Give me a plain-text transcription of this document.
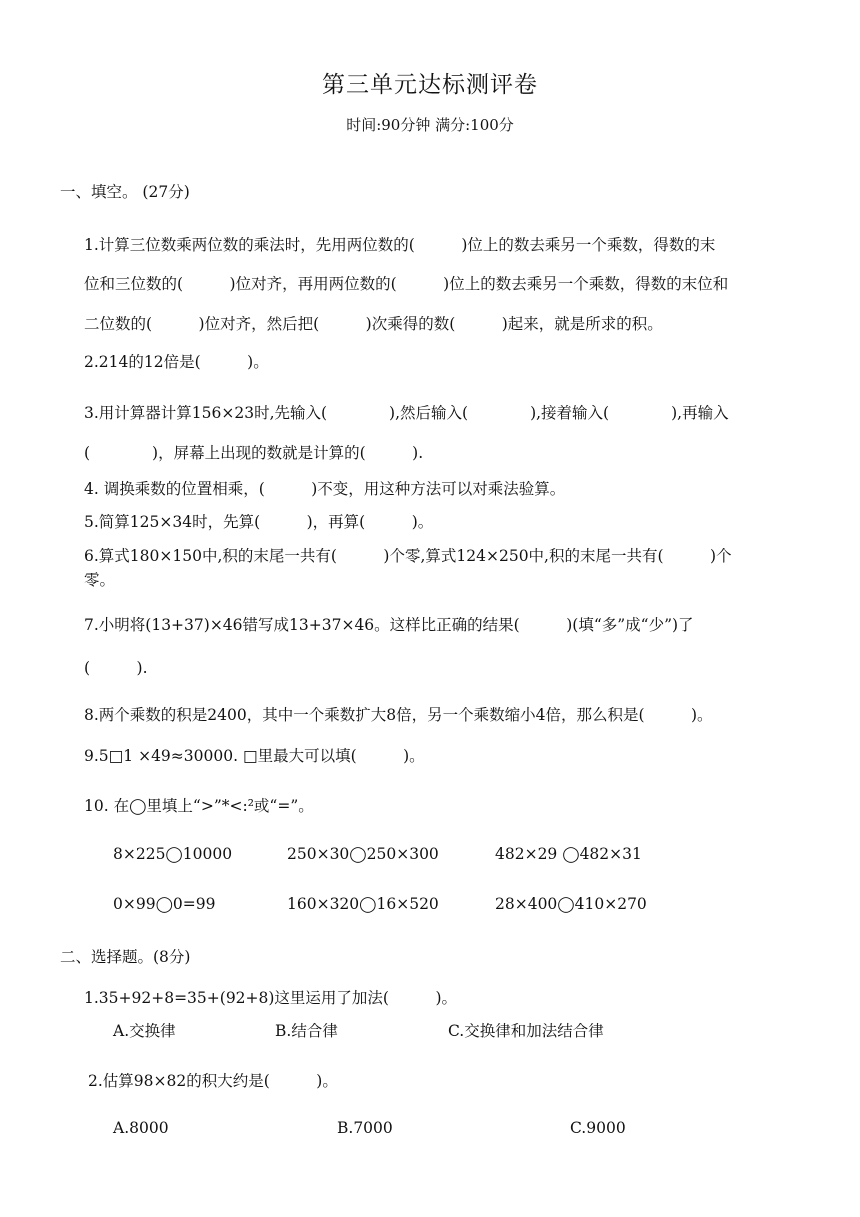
第三单元达标测评卷
时间:90分钟 满分:100分
一、填空。 (27分)
1.计算三位数乘两位数的乘法时，先用两位数的(　　　)位上的数去乘另一个乘数，得数的末
位和三位数的(　　　)位对齐，再用两位数的(　　　)位上的数去乘另一个乘数，得数的末位和
二位数的(　　　)位对齐，然后把(　　　)次乘得的数(　　　)起来，就是所求的积。
2.214的12倍是(　　　)。
3.用计算器计算156×23时,先输入(　　　　),然后输入(　　　　),接着输入(　　　　),再输入
(　　　　)，屏幕上出现的数就是计算的(　　　).
4. 调换乘数的位置相乘，(　　　)不变，用这种方法可以对乘法验算。
5.简算125×34时，先算(　　　)，再算(　　　)。
6.算式180×150中,积的末尾一共有(　　　)个零,算式124×250中,积的末尾一共有(　　　)个
零。
7.小明将(13+37)×46错写成13+37×46。这样比正确的结果(　　　)(填“多”成“少”)了
(　　　).
8.两个乘数的积是2400，其中一个乘数扩大8倍，另一个乘数缩小4倍，那么积是(　　　)。
9.5□1 ×49≈30000. □里最大可以填(　　　)。
10. 在◯里填上“>”*<:²或“=”。
8×225◯10000	250×30◯250×300	482×29 ◯482×31
0×99◯0=99	160×320◯16×520	28×400◯410×270
二、选择题。(8分)
1.35+92+8=35+(92+8)这里运用了加法(　　　)。
A.交换律	B.结合律	C.交换律和加法结合律
2.估算98×82的积大约是(　　　)。
A.8000	B.7000	C.9000
